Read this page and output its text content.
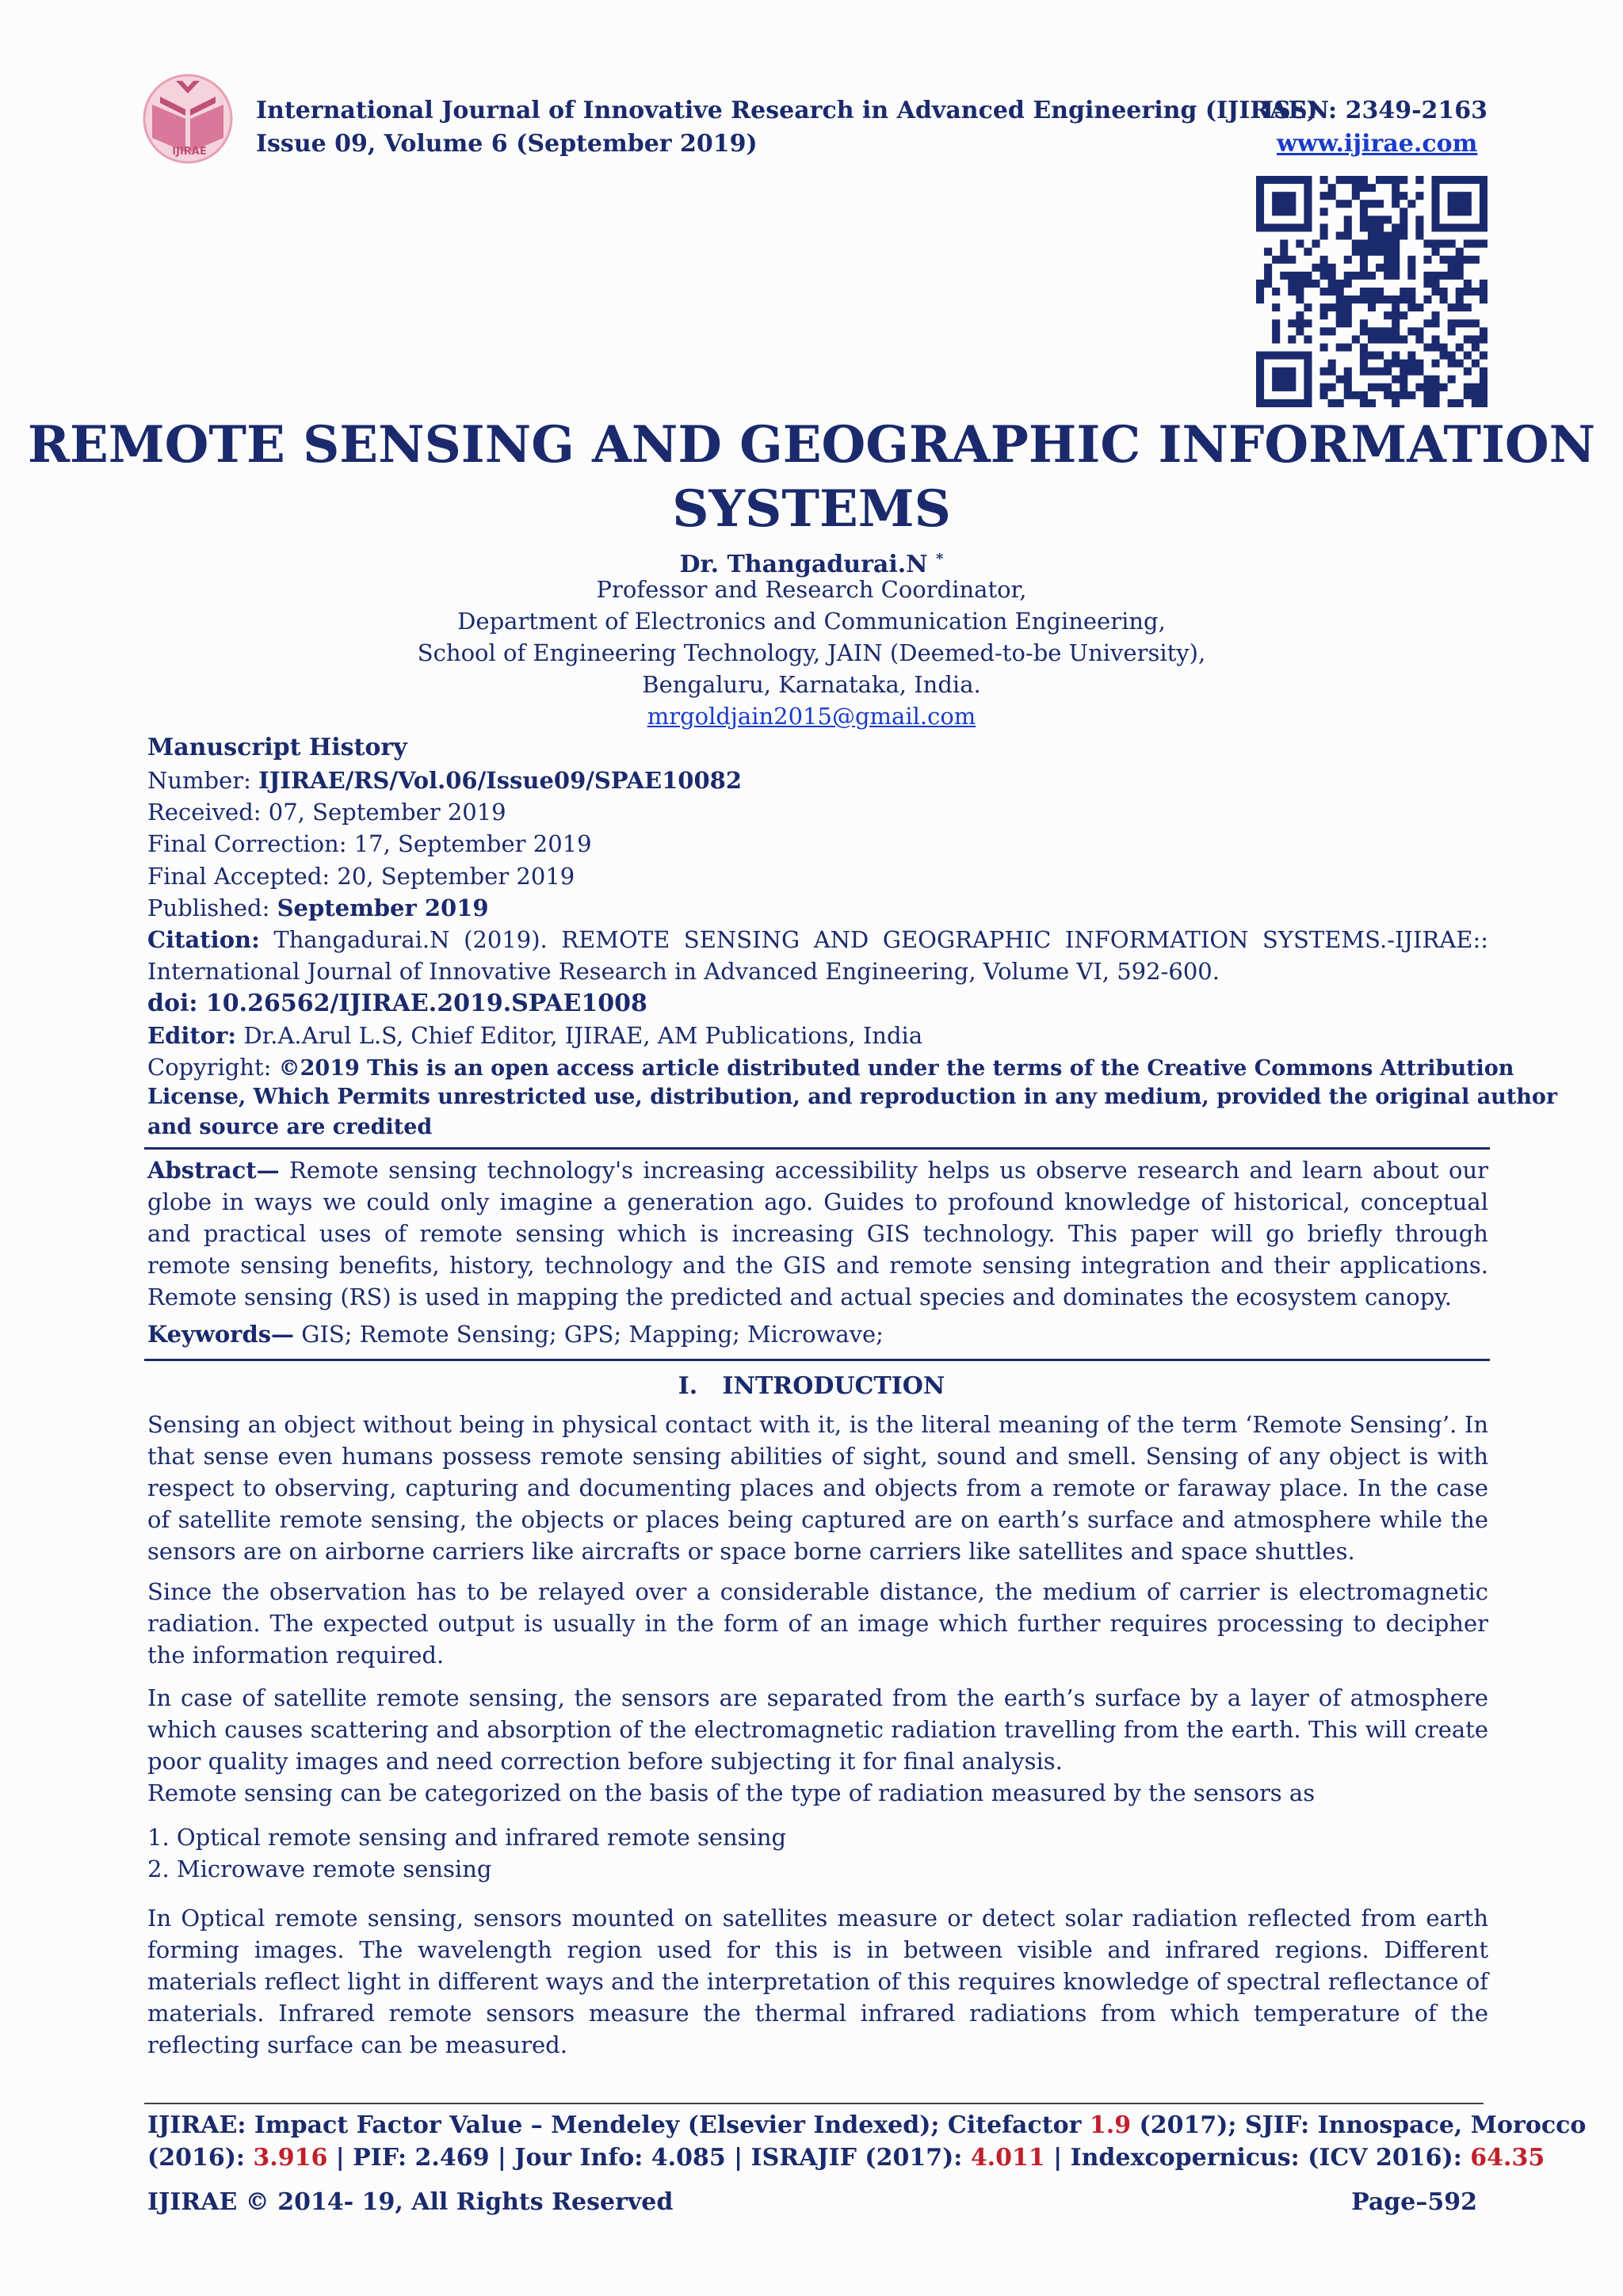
IJIRAE
International Journal of Innovative Research in Advanced Engineering (IJIRAE)
ISSN: 2349-2163
Issue 09, Volume 6 (September 2019)	www.ijirae.com
REMOTE SENSING AND GEOGRAPHIC INFORMATION
SYSTEMS
Dr. Thangadurai.N *
Professor and Research Coordinator,
Department of Electronics and Communication Engineering,
School of Engineering Technology, JAIN (Deemed-to-be University),
Bengaluru, Karnataka, India.
mrgoldjain2015@gmail.com
Manuscript History
Number: IJIRAE/RS/Vol.06/Issue09/SPAE10082
Received: 07, September 2019
Final Correction: 17, September 2019
Final Accepted: 20, September 2019
Published: September 2019
Citation: Thangadurai.N (2019). REMOTE SENSING AND GEOGRAPHIC INFORMATION SYSTEMS.-IJIRAE::
International Journal of Innovative Research in Advanced Engineering, Volume VI, 592-600.
doi: 10.26562/IJIRAE.2019.SPAE1008
Editor: Dr.A.Arul L.S, Chief Editor, IJIRAE, AM Publications, India
Copyright: ©2019 This is an open access article distributed under the terms of the Creative Commons Attribution
License, Which Permits unrestricted use, distribution, and reproduction in any medium, provided the original author
and source are credited
Abstract— Remote sensing technology's increasing accessibility helps us observe research and learn about our globe in ways we could only imagine a generation ago. Guides to profound knowledge of historical, conceptual and practical uses of remote sensing which is increasing GIS technology. This paper will go briefly through remote sensing benefits, history, technology and the GIS and remote sensing integration and their applications. Remote sensing (RS) is used in mapping the predicted and actual species and dominates the ecosystem canopy.
Keywords— GIS; Remote Sensing; GPS; Mapping; Microwave;
I.   INTRODUCTION
Sensing an object without being in physical contact with it, is the literal meaning of the term ‘Remote Sensing’. In that sense even humans possess remote sensing abilities of sight, sound and smell. Sensing of any object is with respect to observing, capturing and documenting places and objects from a remote or faraway place. In the case of satellite remote sensing, the objects or places being captured are on earth’s surface and atmosphere while the sensors are on airborne carriers like aircrafts or space borne carriers like satellites and space shuttles.
Since the observation has to be relayed over a considerable distance, the medium of carrier is electromagnetic radiation. The expected output is usually in the form of an image which further requires processing to decipher the information required.
In case of satellite remote sensing, the sensors are separated from the earth’s surface by a layer of atmosphere which causes scattering and absorption of the electromagnetic radiation travelling from the earth. This will create poor quality images and need correction before subjecting it for final analysis.
Remote sensing can be categorized on the basis of the type of radiation measured by the sensors as
1. Optical remote sensing and infrared remote sensing
2. Microwave remote sensing
In Optical remote sensing, sensors mounted on satellites measure or detect solar radiation reflected from earth forming images. The wavelength region used for this is in between visible and infrared regions. Different materials reflect light in different ways and the interpretation of this requires knowledge of spectral reflectance of materials. Infrared remote sensors measure the thermal infrared radiations from which temperature of the reflecting surface can be measured.
IJIRAE: Impact Factor Value – Mendeley (Elsevier Indexed); Citefactor 1.9 (2017); SJIF: Innospace, Morocco
(2016): 3.916 | PIF: 2.469 | Jour Info: 4.085 | ISRAJIF (2017): 4.011 | Indexcopernicus: (ICV 2016): 64.35
IJIRAE © 2014- 19, All Rights Reserved	Page–592
